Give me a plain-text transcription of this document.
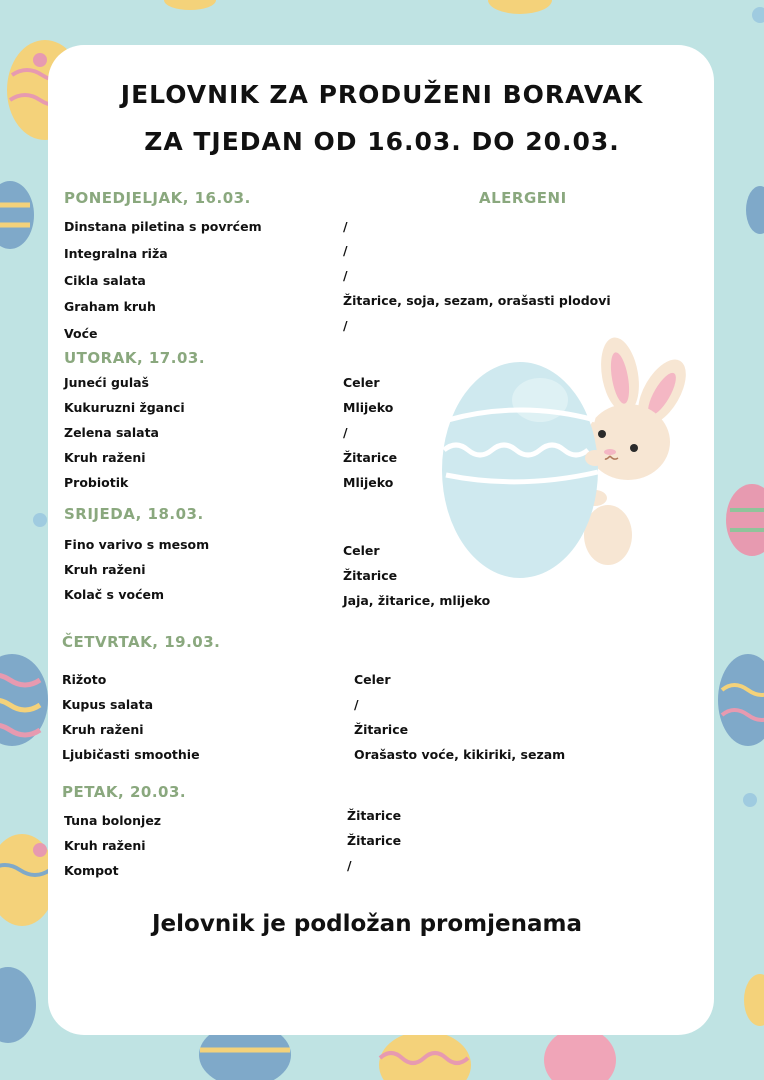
JELOVNIK ZA PRODUŽENI BORAVAK
ZA TJEDAN OD 16.03. DO 20.03.
ALERGENI
PONEDJELJAK, 16.03.
Dinstana piletina s povrćem
Integralna riža
Cikla salata
Graham kruh
Voće
/
/
/
Žitarice, soja, sezam, orašasti plodovi
/
UTORAK, 17.03.
Juneći gulaš
Kukuruzni žganci
Zelena salata
Kruh raženi
Probiotik
Celer
Mlijeko
/
Žitarice
Mlijeko
SRIJEDA, 18.03.
Fino varivo s mesom
Kruh raženi
Kolač s voćem
Celer
Žitarice
Jaja, žitarice, mlijeko
ČETVRTAK, 19.03.
Rižoto
Kupus salata
Kruh raženi
Ljubičasti smoothie
Celer
/
Žitarice
Orašasto voće, kikiriki, sezam
PETAK, 20.03.
Tuna bolonjez
Kruh raženi
Kompot
Žitarice
Žitarice
/
Jelovnik je podložan promjenama
